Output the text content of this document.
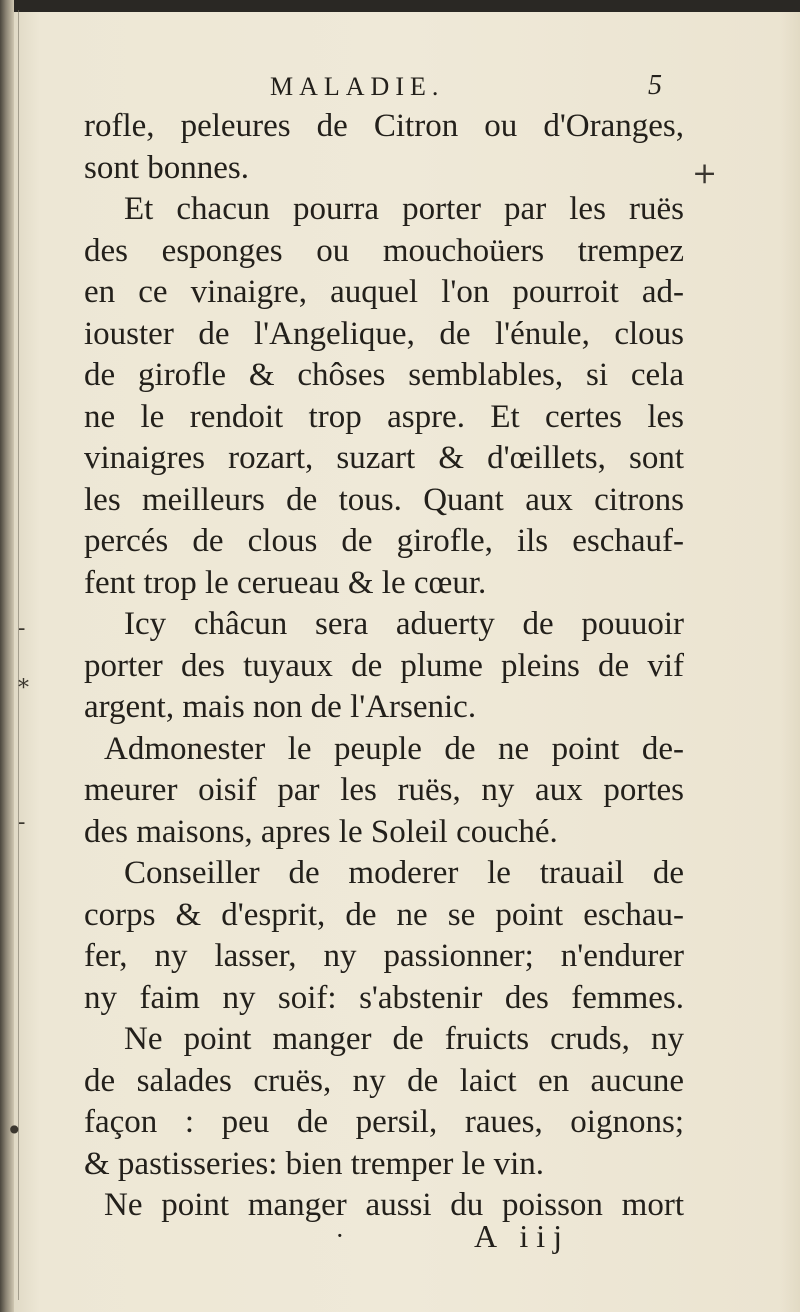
-
*
-
•
MALADIE.	5
+
rofle, peleures de Citron ou d'Oranges,
sont bonnes.
Et chacun pourra porter par les ruës
des esponges ou mouchoüers trempez
en ce vinaigre, auquel l'on pourroit ad-
iouster de l'Angelique, de l'énule, clous
de girofle & chôses semblables, si cela
ne le rendoit trop aspre. Et certes les
vinaigres rozart, suzart & d'œillets, sont
les meilleurs de tous. Quant aux citrons
percés de clous de girofle, ils eschauf-
fent trop le cerueau & le cœur.
Icy châcun sera aduerty de pouuoir
porter des tuyaux de plume pleins de vif
argent, mais non de l'Arsenic.
Admonester le peuple de ne point de-
meurer oisif par les ruës, ny aux portes
des maisons, apres le Soleil couché.
Conseiller de moderer le trauail de
corps & d'esprit, de ne se point eschau-
fer, ny lasser, ny passionner; n'endurer
ny faim ny soif: s'abstenir des femmes.
Ne point manger de fruicts cruds, ny
de salades cruës, ny de laict en aucune
façon : peu de persil, raues, oignons;
& pastisseries: bien tremper le vin.
Ne point manger aussi du poisson mort
·	A iij
